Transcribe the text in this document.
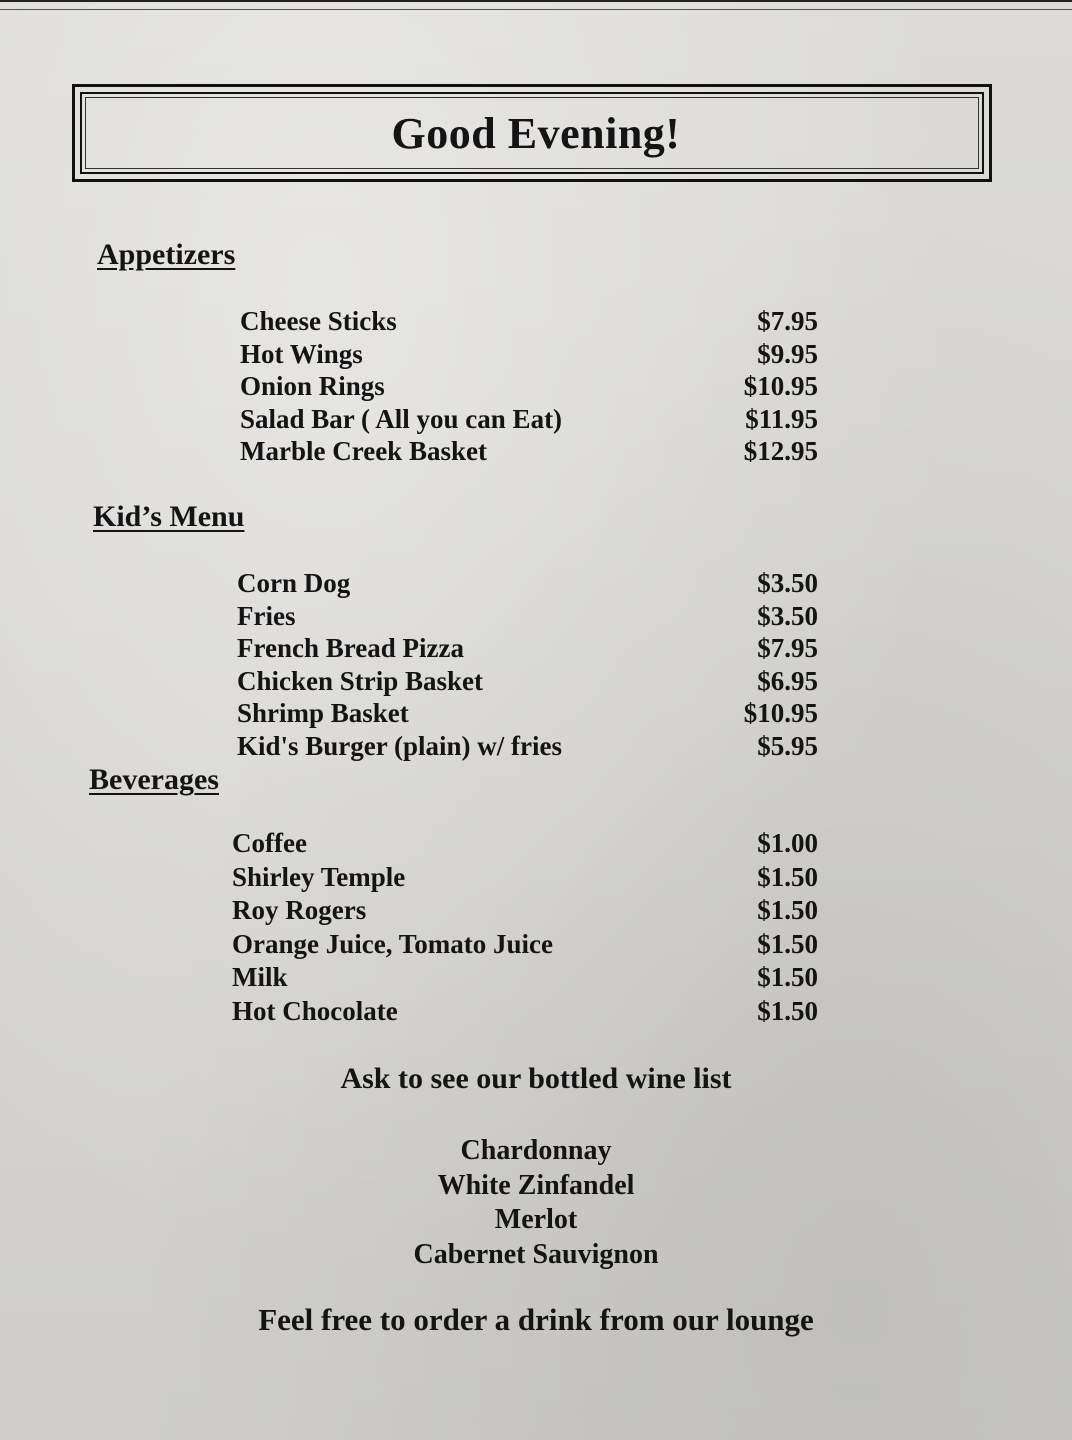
Good Evening!
Appetizers
Cheese Sticks	$7.95
Hot Wings	$9.95
Onion Rings	$10.95
Salad Bar ( All you can Eat)	$11.95
Marble Creek Basket	$12.95
Kid’s Menu
Corn Dog	$3.50
Fries	$3.50
French Bread Pizza	$7.95
Chicken Strip Basket	$6.95
Shrimp Basket	$10.95
Kid's Burger (plain) w/ fries	$5.95
Beverages
Coffee	$1.00
Shirley Temple	$1.50
Roy Rogers	$1.50
Orange Juice, Tomato Juice	$1.50
Milk	$1.50
Hot Chocolate	$1.50
Ask to see our bottled wine list
Chardonnay
White Zinfandel
Merlot
Cabernet Sauvignon
Feel free to order a drink from our lounge
